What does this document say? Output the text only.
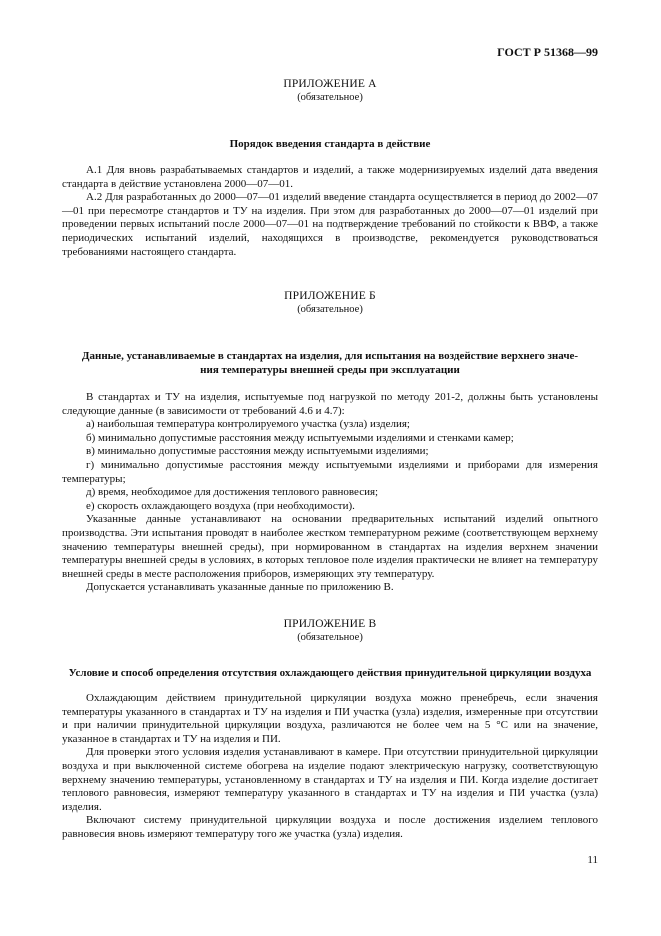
ГОСТ Р 51368—99
ПРИЛОЖЕНИЕ А
(обязательное)
Порядок введения стандарта в действие

А.1 Для вновь разрабатываемых стандартов и изделий, а также модернизируемых изделий дата введения стандарта в действие установлена 2000—07—01.

А.2 Для разработанных до 2000—07—01 изделий введение стандарта осуществляется в период до 2002—07—01 при пересмотре стандартов и ТУ на изделия. При этом для разработанных до 2000—07—01 изделий при проведении первых испытаний после 2000—07—01 на подтверждение требований по стойкости к ВВФ, а также периодических испытаний изделий, находящихся в производстве, рекомендуется руководствоваться требованиями настоящего стандарта.

ПРИЛОЖЕНИЕ Б
(обязательное)
Данные, устанавливаемые в стандартах на изделия, для испытания на воздействие верхнего значе-
ния температуры внешней среды при эксплуатации

В стандартах и ТУ на изделия, испытуемые под нагрузкой по методу 201-2, должны быть установлены следующие данные (в зависимости от требований 4.6 и 4.7):

а) наибольшая температура контролируемого участка (узла) изделия;

б) минимально допустимые расстояния между испытуемыми изделиями и стенками камер;

в) минимально допустимые расстояния между испытуемыми изделиями;

г) минимально допустимые расстояния между испытуемыми изделиями и приборами для измерения температуры;

д) время, необходимое для достижения теплового равновесия;

е) скорость охлаждающего воздуха (при необходимости).

Указанные данные устанавливают на основании предварительных испытаний изделий опытного производства. Эти испытания проводят в наиболее жестком температурном режиме (соответствующем верхнему значению температуры внешней среды), при нормированном в стандартах на изделия верхнем значении температуры внешней среды в условиях, в которых тепловое поле изделия практически не влияет на температуру внешней среды в месте расположения приборов, измеряющих эту температуру.

Допускается устанавливать указанные данные по приложению В.

ПРИЛОЖЕНИЕ В
(обязательное)
Условие и способ определения отсутствия охлаждающего действия принудительной циркуляции воздуха

Охлаждающим действием принудительной циркуляции воздуха можно пренебречь, если значения температуры указанного в стандартах и ТУ на изделия и ПИ участка (узла) изделия, измеренные при отсутствии и при наличии принудительной циркуляции воздуха, различаются не более чем на 5 °С или на значение, указанное в стандартах и ТУ на изделия и ПИ.

Для проверки этого условия изделия устанавливают в камере. При отсутствии принудительной циркуляции воздуха и при выключенной системе обогрева на изделие подают электрическую нагрузку, соответствующую верхнему значению температуры, установленному в стандартах и ТУ на изделия и ПИ. Когда изделие достигает теплового равновесия, измеряют температуру указанного в стандартах и ТУ на изделия и ПИ участка (узла) изделия.

Включают систему принудительной циркуляции воздуха и после достижения изделием теплового равновесия вновь измеряют температуру того же участка (узла) изделия.

11
